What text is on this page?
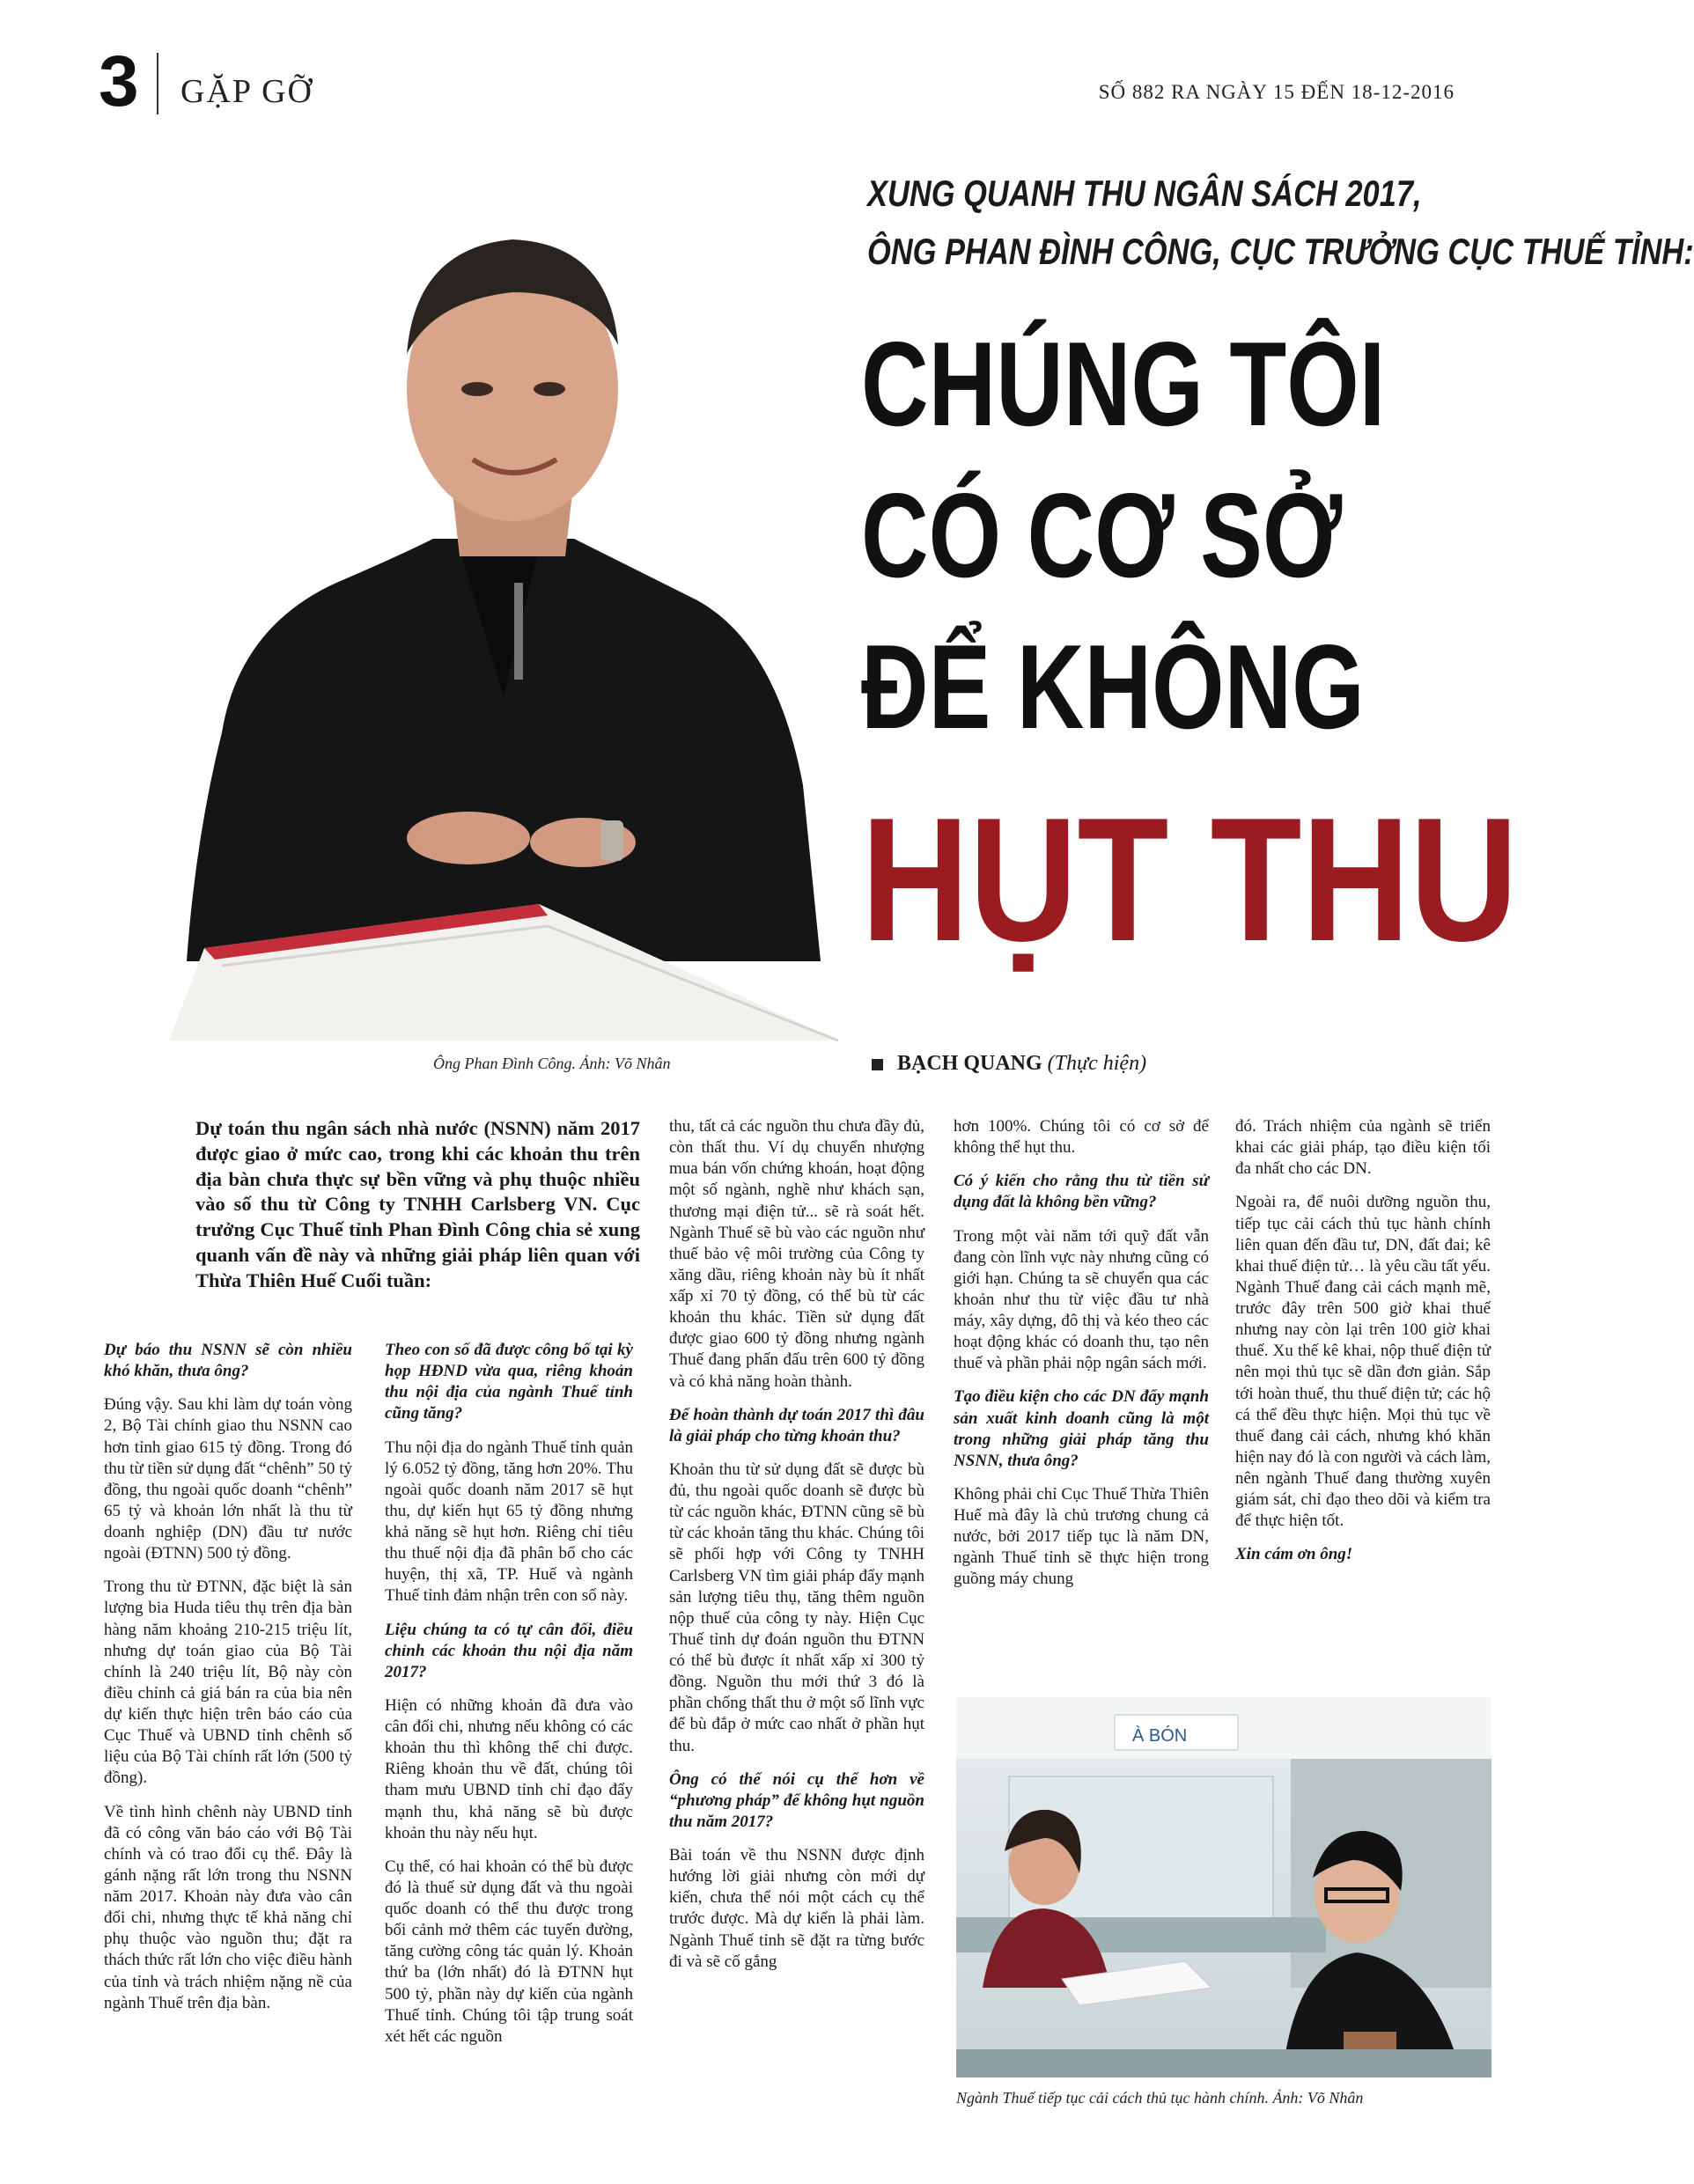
3 GẶP GỠ	SỐ 882 RA NGÀY 15 ĐẾN 18-12-2016
XUNG QUANH THU NGÂN SÁCH 2017,
ÔNG PHAN ĐÌNH CÔNG, CỤC TRƯỞNG CỤC THUẾ TỈNH:
CHÚNG TÔI
CÓ CƠ SỞ
ĐỂ KHÔNG
HỤT THU
Ông Phan Đình Công. Ảnh: Võ Nhân	BẠCH QUANG (Thực hiện)
Dự toán thu ngân sách nhà nước (NSNN) năm 2017 được giao ở mức cao, trong khi các khoản thu trên địa bàn chưa thực sự bền vững và phụ thuộc nhiều vào số thu từ Công ty TNHH Carlsberg VN. Cục trưởng Cục Thuế tỉnh Phan Đình Công chia sẻ xung quanh vấn đề này và những giải pháp liên quan với Thừa Thiên Huế Cuối tuần:

Dự báo thu NSNN sẽ còn nhiều khó khăn, thưa ông?

Đúng vậy. Sau khi làm dự toán vòng 2, Bộ Tài chính giao thu NSNN cao hơn tỉnh giao 615 tỷ đồng. Trong đó thu từ tiền sử dụng đất “chênh” 50 tỷ đồng, thu ngoài quốc doanh “chênh” 65 tỷ và khoản lớn nhất là thu từ doanh nghiệp (DN) đầu tư nước ngoài (ĐTNN) 500 tỷ đồng.

Trong thu từ ĐTNN, đặc biệt là sản lượng bia Huda tiêu thụ trên địa bàn hàng năm khoảng 210-215 triệu lít, nhưng dự toán giao của Bộ Tài chính là 240 triệu lít, Bộ này còn điều chỉnh cả giá bán ra của bia nên dự kiến thực hiện trên báo cáo của Cục Thuế và UBND tỉnh chênh số liệu của Bộ Tài chính rất lớn (500 tỷ đồng).

Về tình hình chênh này UBND tỉnh đã có công văn báo cáo với Bộ Tài chính và có trao đổi cụ thể. Đây là gánh nặng rất lớn trong thu NSNN năm 2017. Khoản này đưa vào cân đối chi, nhưng thực tế khả năng chỉ phụ thuộc vào nguồn thu; đặt ra thách thức rất lớn cho việc điều hành của tỉnh và trách nhiệm nặng nề của ngành Thuế trên địa bàn.

Theo con số đã được công bố tại kỳ họp HĐND vừa qua, riêng khoản thu nội địa của ngành Thuế tỉnh cũng tăng?

Thu nội địa do ngành Thuế tỉnh quản lý 6.052 tỷ đồng, tăng hơn 20%. Thu ngoài quốc doanh năm 2017 sẽ hụt thu, dự kiến hụt 65 tỷ đồng nhưng khả năng sẽ hụt hơn. Riêng chỉ tiêu thu thuế nội địa đã phân bổ cho các huyện, thị xã, TP. Huế và ngành Thuế tỉnh đảm nhận trên con số này.

Liệu chúng ta có tự cân đối, điều chỉnh các khoản thu nội địa năm 2017?

Hiện có những khoản đã đưa vào cân đối chi, nhưng nếu không có các khoản thu thì không thể chi được. Riêng khoản thu về đất, chúng tôi tham mưu UBND tỉnh chỉ đạo đẩy mạnh thu, khả năng sẽ bù được khoản thu này nếu hụt.

Cụ thể, có hai khoản có thể bù được đó là thuế sử dụng đất và thu ngoài quốc doanh có thể thu được trong bối cảnh mở thêm các tuyến đường, tăng cường công tác quản lý. Khoản thứ ba (lớn nhất) đó là ĐTNN hụt 500 tỷ, phần này dự kiến của ngành Thuế tỉnh. Chúng tôi tập trung soát xét hết các nguồn

thu, tất cả các nguồn thu chưa đầy đủ, còn thất thu. Ví dụ chuyển nhượng mua bán vốn chứng khoán, hoạt động một số ngành, nghề như khách sạn, thương mại điện tử... sẽ rà soát hết. Ngành Thuế sẽ bù vào các nguồn như thuế bảo vệ môi trường của Công ty xăng dầu, riêng khoản này bù ít nhất xấp xỉ 70 tỷ đồng, có thể bù từ các khoản thu khác. Tiền sử dụng đất được giao 600 tỷ đồng nhưng ngành Thuế đang phấn đấu trên 600 tỷ đồng và có khả năng hoàn thành.

Để hoàn thành dự toán 2017 thì đâu là giải pháp cho từng khoản thu?

Khoản thu từ sử dụng đất sẽ được bù đủ, thu ngoài quốc doanh sẽ được bù từ các nguồn khác, ĐTNN cũng sẽ bù từ các khoản tăng thu khác. Chúng tôi sẽ phối hợp với Công ty TNHH Carlsberg VN tìm giải pháp đẩy mạnh sản lượng tiêu thụ, tăng thêm nguồn nộp thuế của công ty này. Hiện Cục Thuế tỉnh dự đoán nguồn thu ĐTNN có thể bù được ít nhất xấp xỉ 300 tỷ đồng. Nguồn thu mới thứ 3 đó là phần chống thất thu ở một số lĩnh vực để bù đắp ở mức cao nhất ở phần hụt thu.

Ông có thể nói cụ thể hơn về “phương pháp” để không hụt nguồn thu năm 2017?

Bài toán về thu NSNN được định hướng lời giải nhưng còn mới dự kiến, chưa thể nói một cách cụ thể trước được. Mà dự kiến là phải làm. Ngành Thuế tỉnh sẽ đặt ra từng bước đi và sẽ cố gắng

hơn 100%. Chúng tôi có cơ sở để không thể hụt thu.

Có ý kiến cho rằng thu từ tiền sử dụng đất là không bền vững?

Trong một vài năm tới quỹ đất vẫn đang còn lĩnh vực này nhưng cũng có giới hạn. Chúng ta sẽ chuyển qua các khoản như thu từ việc đầu tư nhà máy, xây dựng, đô thị và kéo theo các hoạt động khác có doanh thu, tạo nên thuế và phần phải nộp ngân sách mới.

Tạo điều kiện cho các DN đẩy mạnh sản xuất kinh doanh cũng là một trong những giải pháp tăng thu NSNN, thưa ông?

Không phải chỉ Cục Thuế Thừa Thiên Huế mà đây là chủ trương chung cả nước, bởi 2017 tiếp tục là năm DN, ngành Thuế tỉnh sẽ thực hiện trong guồng máy chung

đó. Trách nhiệm của ngành sẽ triển khai các giải pháp, tạo điều kiện tối đa nhất cho các DN.

Ngoài ra, để nuôi dưỡng nguồn thu, tiếp tục cải cách thủ tục hành chính liên quan đến đầu tư, DN, đất đai; kê khai thuế điện tử… là yêu cầu tất yếu. Ngành Thuế đang cải cách mạnh mẽ, trước đây trên 500 giờ khai thuế nhưng nay còn lại trên 100 giờ khai thuế. Xu thế kê khai, nộp thuế điện tử nên mọi thủ tục sẽ dần đơn giản. Sắp tới hoàn thuế, thu thuế điện tử; các hộ cá thể đều thực hiện. Mọi thủ tục về thuế đang cải cách, nhưng khó khăn hiện nay đó là con người và cách làm, nên ngành Thuế đang thường xuyên giám sát, chỉ đạo theo dõi và kiểm tra để thực hiện tốt.

Xin cám ơn ông!

À BÓN
Ngành Thuế tiếp tục cải cách thủ tục hành chính. Ảnh: Võ Nhân
